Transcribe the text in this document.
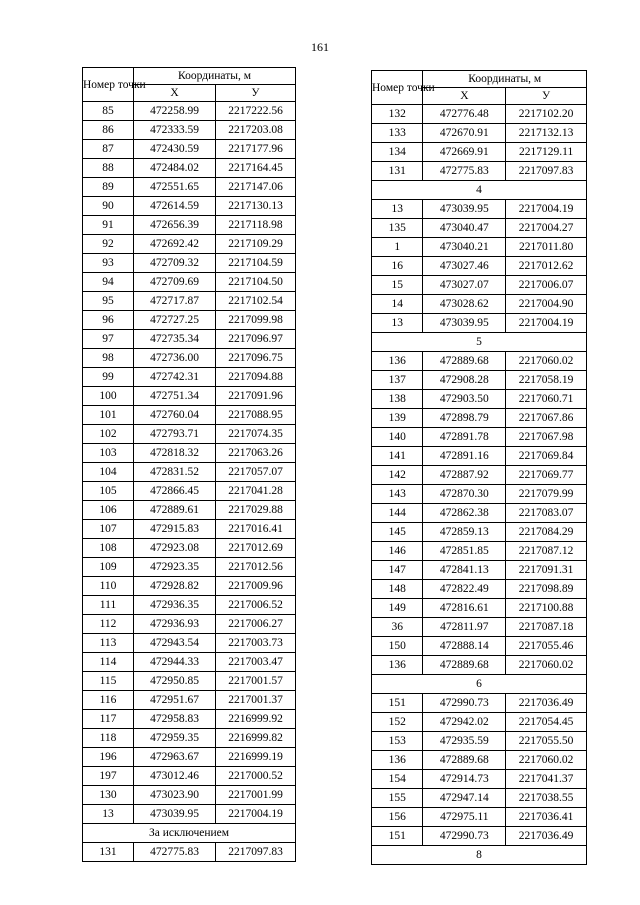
161
Номер точки	Координаты, м	
	X	У
85	472258.99	2217222.56
86	472333.59	2217203.08
87	472430.59	2217177.96
88	472484.02	2217164.45
89	472551.65	2217147.06
90	472614.59	2217130.13
91	472656.39	2217118.98
92	472692.42	2217109.29
93	472709.32	2217104.59
94	472709.69	2217104.50
95	472717.87	2217102.54
96	472727.25	2217099.98
97	472735.34	2217096.97
98	472736.00	2217096.75
99	472742.31	2217094.88
100	472751.34	2217091.96
101	472760.04	2217088.95
102	472793.71	2217074.35
103	472818.32	2217063.26
104	472831.52	2217057.07
105	472866.45	2217041.28
106	472889.61	2217029.88
107	472915.83	2217016.41
108	472923.08	2217012.69
109	472923.35	2217012.56
110	472928.82	2217009.96
111	472936.35	2217006.52
112	472936.93	2217006.27
113	472943.54	2217003.73
114	472944.33	2217003.47
115	472950.85	2217001.57
116	472951.67	2217001.37
117	472958.83	2216999.92
118	472959.35	2216999.82
196	472963.67	2216999.19
197	473012.46	2217000.52
130	473023.90	2217001.99
13	473039.95	2217004.19
За исключением		
131	472775.83	2217097.83
Номер точки	Координаты, м	
	X	У
132	472776.48	2217102.20
133	472670.91	2217132.13
134	472669.91	2217129.11
131	472775.83	2217097.83
4		
13	473039.95	2217004.19
135	473040.47	2217004.27
1	473040.21	2217011.80
16	473027.46	2217012.62
15	473027.07	2217006.07
14	473028.62	2217004.90
13	473039.95	2217004.19
5		
136	472889.68	2217060.02
137	472908.28	2217058.19
138	472903.50	2217060.71
139	472898.79	2217067.86
140	472891.78	2217067.98
141	472891.16	2217069.84
142	472887.92	2217069.77
143	472870.30	2217079.99
144	472862.38	2217083.07
145	472859.13	2217084.29
146	472851.85	2217087.12
147	472841.13	2217091.31
148	472822.49	2217098.89
149	472816.61	2217100.88
36	472811.97	2217087.18
150	472888.14	2217055.46
136	472889.68	2217060.02
6		
151	472990.73	2217036.49
152	472942.02	2217054.45
153	472935.59	2217055.50
136	472889.68	2217060.02
154	472914.73	2217041.37
155	472947.14	2217038.55
156	472975.11	2217036.41
151	472990.73	2217036.49
8		
